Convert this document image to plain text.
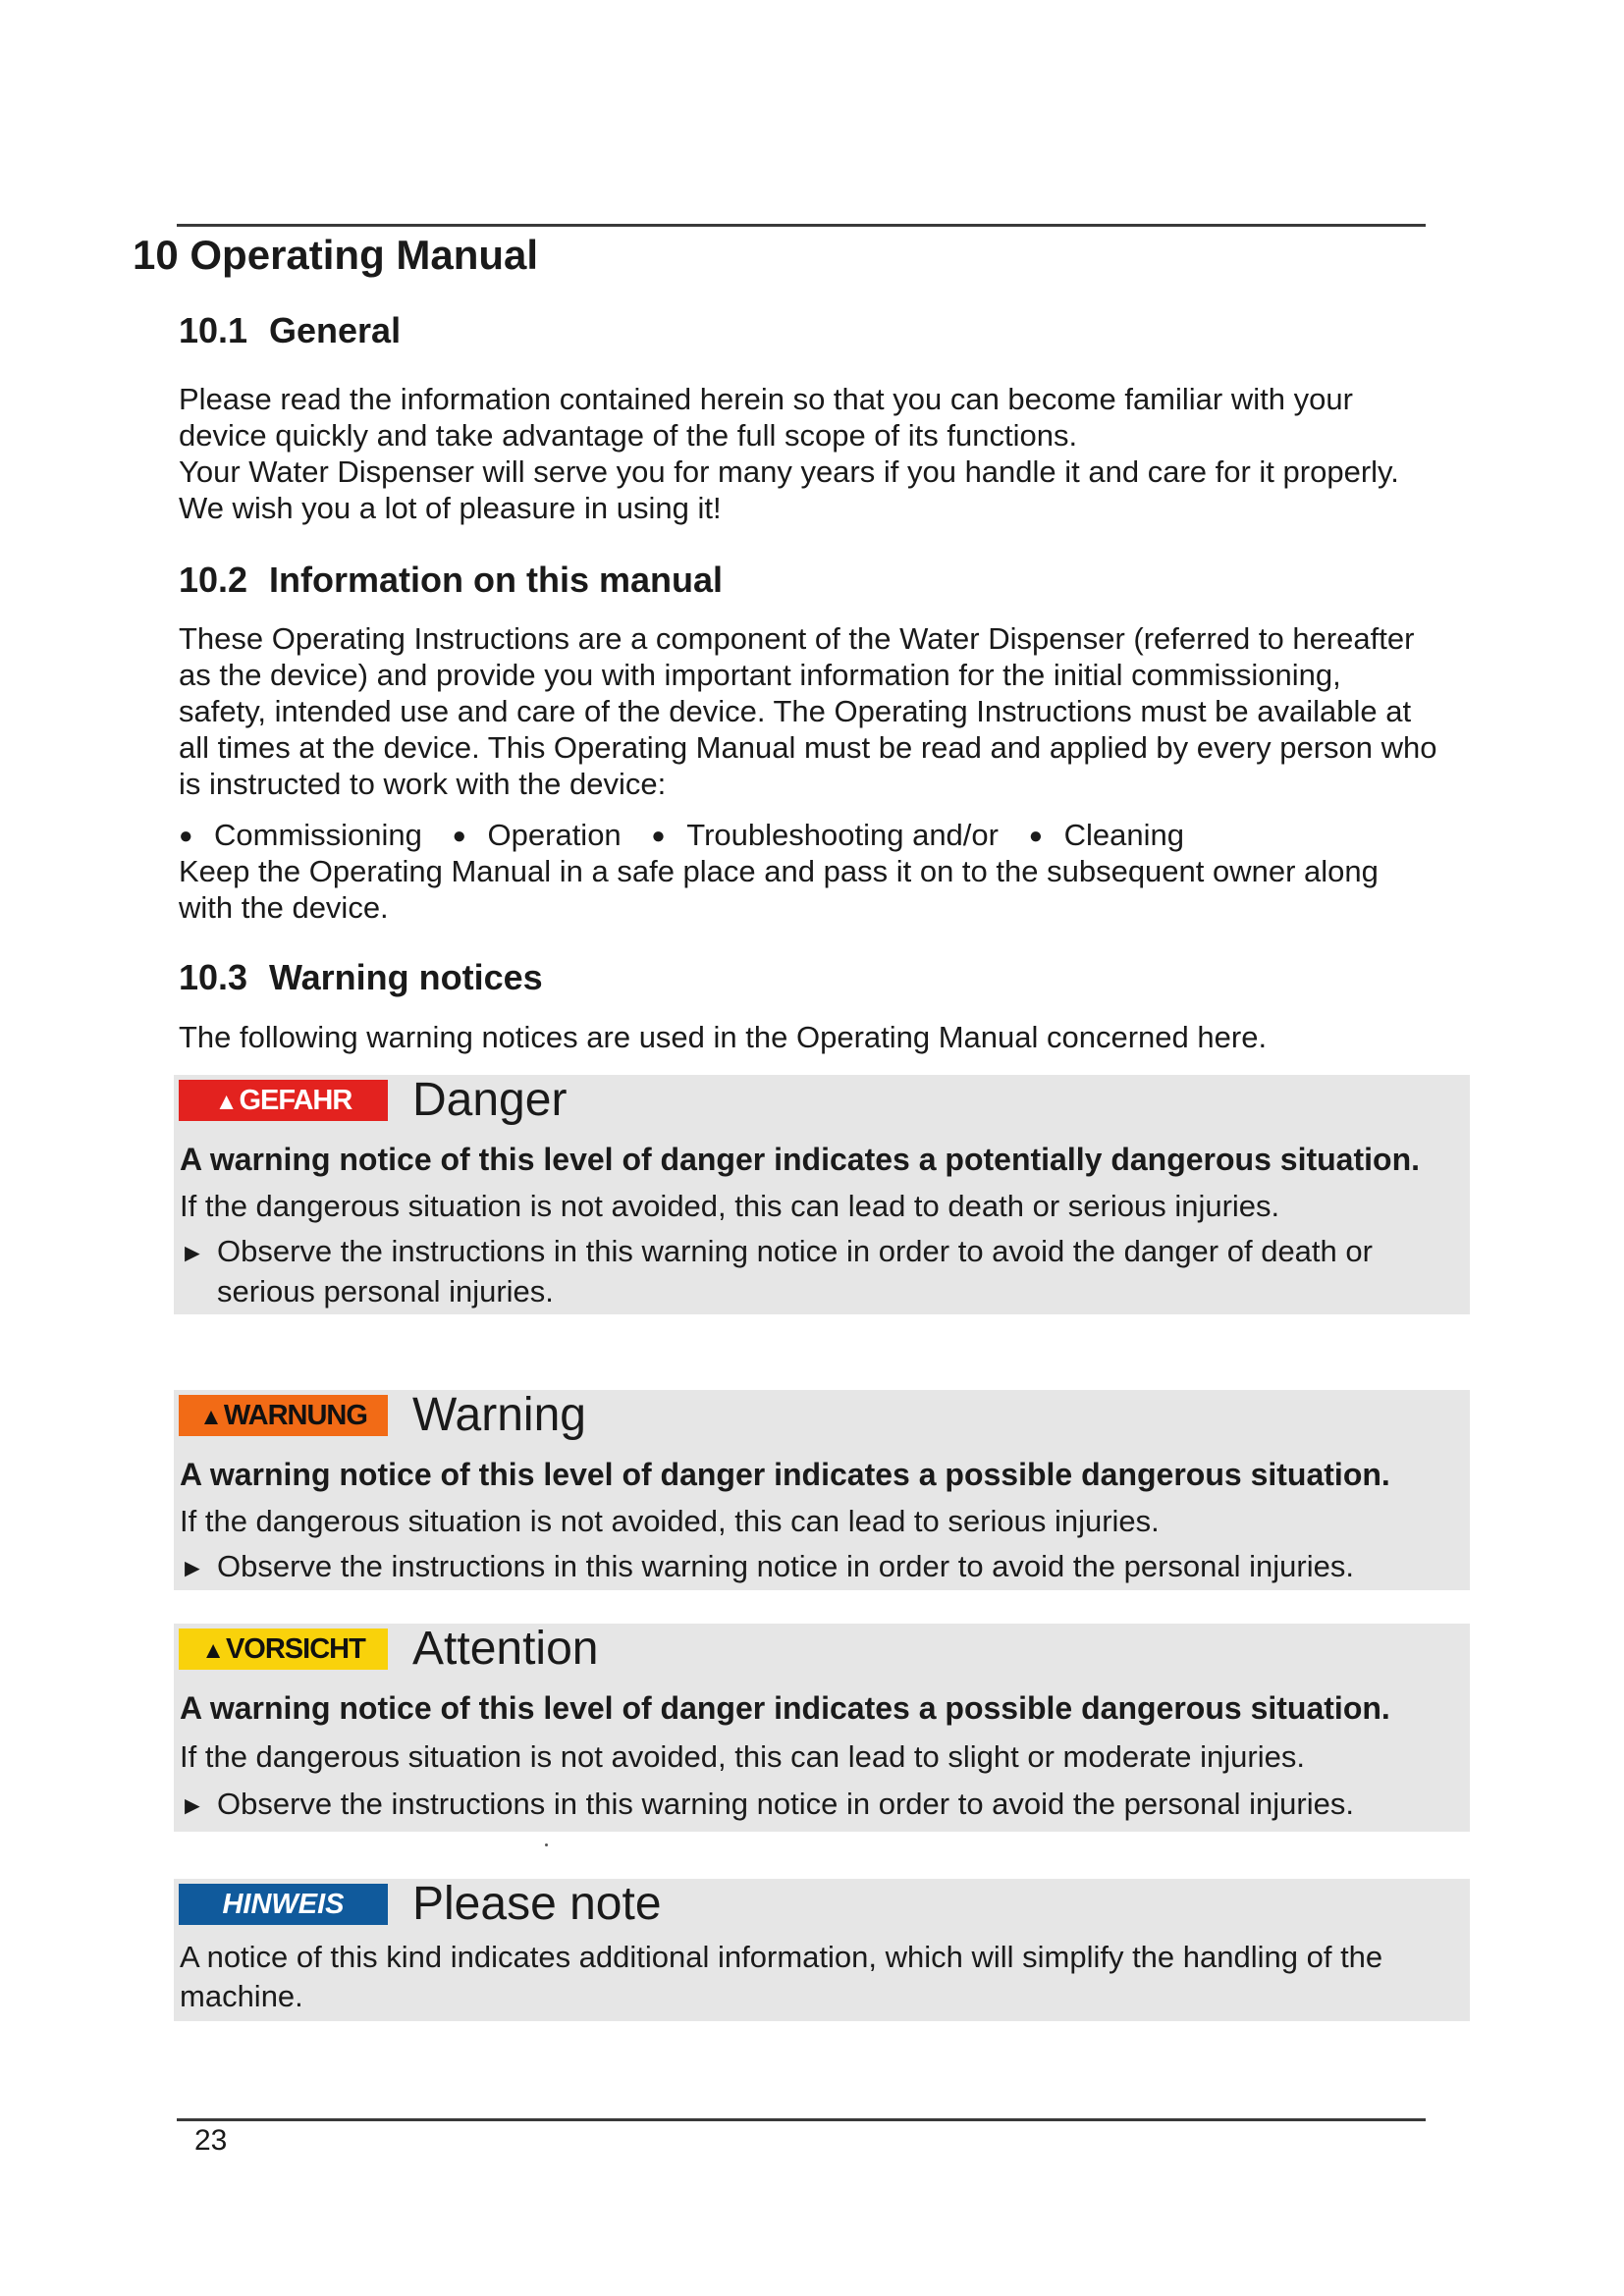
10 Operating Manual
10.1 General
Please read the information contained herein so that you can become familiar with your
device quickly and take advantage of the full scope of its functions.
Your Water Dispenser will serve you for many years if you handle it and care for it properly.
We wish you a lot of pleasure in using it!
10.2 Information on this manual
These Operating Instructions are a component of the Water Dispenser (referred to hereafter
as the device) and provide you with important information for the initial commissioning,
safety, intended use and care of the device. The Operating Instructions must be available at
all times at the device. This Operating Manual must be read and applied by every person who
is instructed to work with the device:
● Commissioning ● Operation ● Troubleshooting and/or ● Cleaning
Keep the Operating Manual in a safe place and pass it on to the subsequent owner along
with the device.
10.3 Warning notices
The following warning notices are used in the Operating Manual concerned here.
▲GEFAHR	Danger
A warning notice of this level of danger indicates a potentially dangerous situation.
If the dangerous situation is not avoided, this can lead to death or serious injuries.
► Observe the instructions in this warning notice in order to avoid the danger of death or
serious personal injuries.
▲WARNUNG Warning
A warning notice of this level of danger indicates a possible dangerous situation.
If the dangerous situation is not avoided, this can lead to serious injuries.
► Observe the instructions in this warning notice in order to avoid the personal injuries.
▲VORSICHT	Attention
A warning notice of this level of danger indicates a possible dangerous situation.
If the dangerous situation is not avoided, this can lead to slight or moderate injuries.
► Observe the instructions in this warning notice in order to avoid the personal injuries.
HINWEIS	Please note
A notice of this kind indicates additional information, which will simplify the handling of the
machine.
23
